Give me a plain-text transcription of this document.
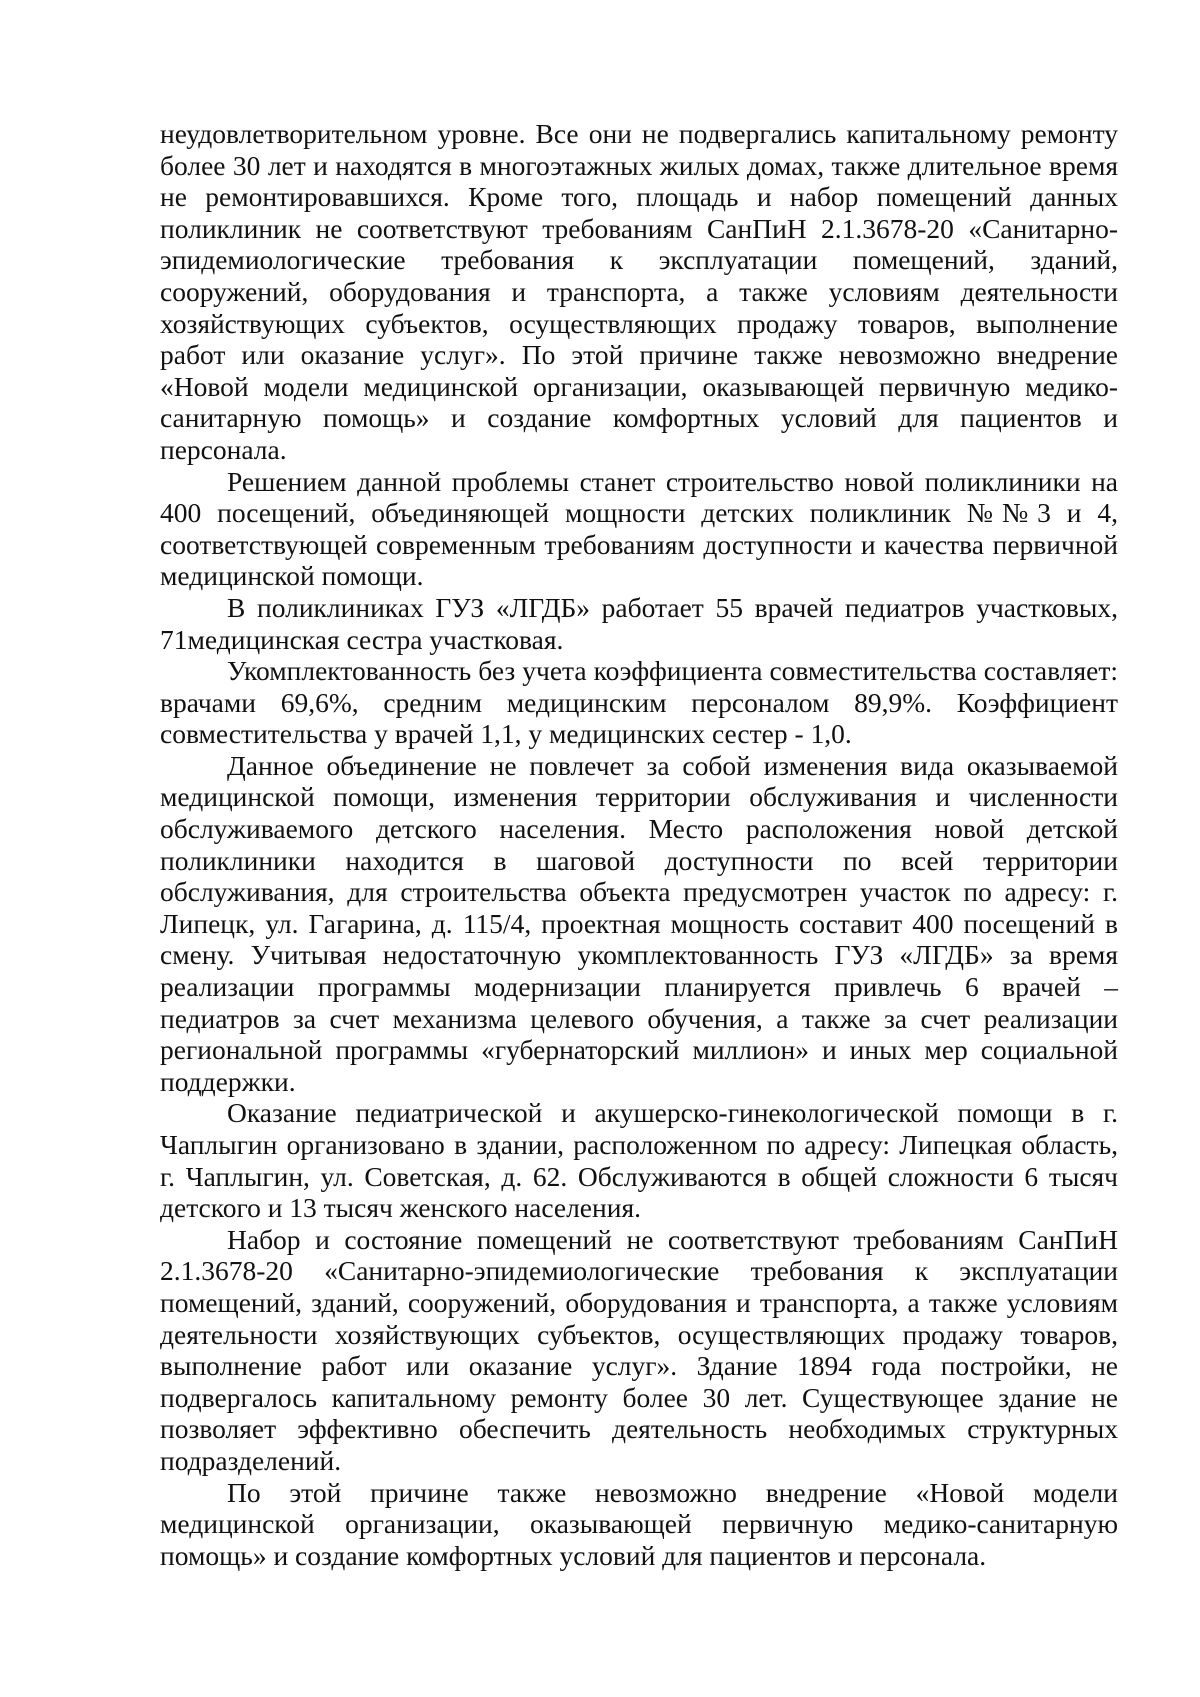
неудовлетворительном уровне. Все они не подвергались капитальному ремонту более 30 лет и находятся в многоэтажных жилых домах, также длительное время не ремонтировавшихся. Кроме того, площадь и набор помещений данных поликлиник не соответствуют требованиям СанПиН 2.1.3678-20 «Санитарно-эпидемиологические требования к эксплуатации помещений, зданий, сооружений, оборудования и транспорта, а также условиям деятельности хозяйствующих субъектов, осуществляющих продажу товаров, выполнение работ или оказание услуг». По этой причине также невозможно внедрение «Новой модели медицинской организации, оказывающей первичную медико-санитарную помощь» и создание комфортных условий для пациентов и персонала.

Решением данной проблемы станет строительство новой поликлиники на 400 посещений, объединяющей мощности детских поликлиник №№3 и 4, соответствующей современным требованиям доступности и качества первичной медицинской помощи.

В поликлиниках ГУЗ «ЛГДБ» работает 55 врачей педиатров участковых, 71медицинская сестра участковая.

Укомплектованность без учета коэффициента совместительства составляет: врачами 69,6%, средним медицинским персоналом 89,9%. Коэффициент совместительства у врачей 1,1, у медицинских сестер - 1,0.

Данное объединение не повлечет за собой изменения вида оказываемой медицинской помощи, изменения территории обслуживания и численности обслуживаемого детского населения. Место расположения новой детской поликлиники находится в шаговой доступности по всей территории обслуживания, для строительства объекта предусмотрен участок по адресу: г. Липецк, ул. Гагарина, д. 115/4, проектная мощность составит 400 посещений в смену. Учитывая недостаточную укомплектованность ГУЗ «ЛГДБ» за время реализации программы модернизации планируется привлечь 6 врачей – педиатров за счет механизма целевого обучения, а также за счет реализации региональной программы «губернаторский миллион» и иных мер социальной поддержки.

Оказание педиатрической и акушерско-гинекологической помощи в г. Чаплыгин организовано в здании, расположенном по адресу: Липецкая область, г. Чаплыгин, ул. Советская, д. 62. Обслуживаются в общей сложности 6 тысяч детского и 13 тысяч женского населения.

Набор и состояние помещений не соответствуют требованиям СанПиН 2.1.3678-20 «Санитарно-эпидемиологические требования к эксплуатации помещений, зданий, сооружений, оборудования и транспорта, а также условиям деятельности хозяйствующих субъектов, осуществляющих продажу товаров, выполнение работ или оказание услуг». Здание 1894 года постройки, не подвергалось капитальному ремонту более 30 лет. Существующее здание не позволяет эффективно обеспечить деятельность необходимых структурных подразделений.

По этой причине также невозможно внедрение «Новой модели медицинской организации, оказывающей первичную медико-санитарную помощь» и создание комфортных условий для пациентов и персонала.
